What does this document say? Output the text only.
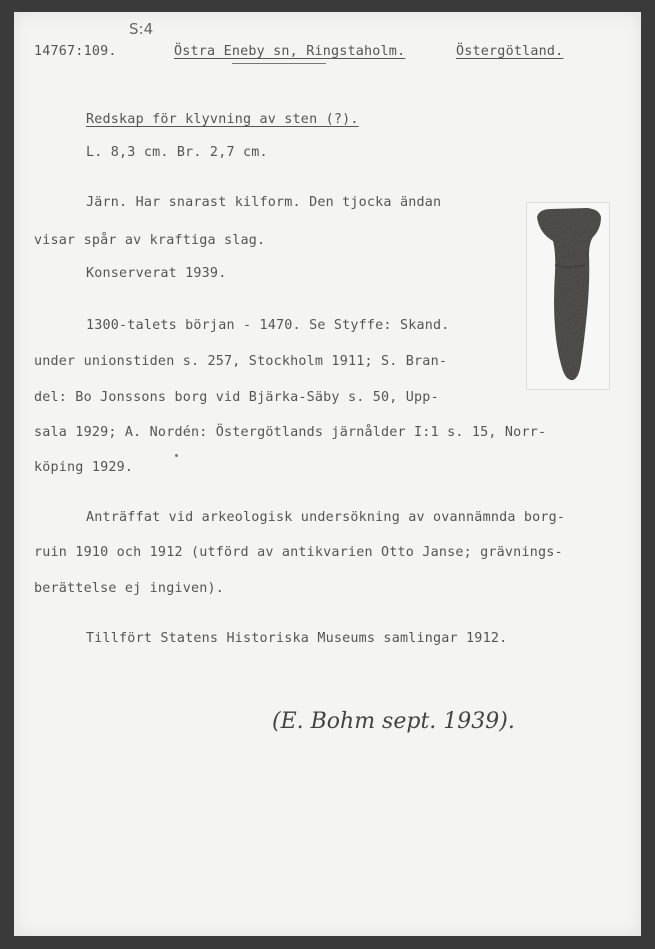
S:4
14767:109.	Östra Eneby sn, Ringstaholm.	Östergötland.
Redskap för klyvning av sten (?).
L. 8,3 cm. Br. 2,7 cm.
Järn. Har snarast kilform. Den tjocka ändan
visar spår av kraftiga slag.
Konserverat 1939.
1300-talets början - 1470. Se Styffe: Skand.
under unionstiden s. 257, Stockholm 1911; S. Bran-
del: Bo Jonssons borg vid Bjärka-Säby s. 50, Upp-
sala 1929; A. Nordén: Östergötlands järnålder I:1 s. 15, Norr-
köping 1929.
Anträffat vid arkeologisk undersökning av ovannämnda borg-
ruin 1910 och 1912 (utförd av antikvarien Otto Janse; grävnings-
berättelse ej ingiven).
Tillfört Statens Historiska Museums samlingar 1912.

(E. Bohm sept. 1939).
